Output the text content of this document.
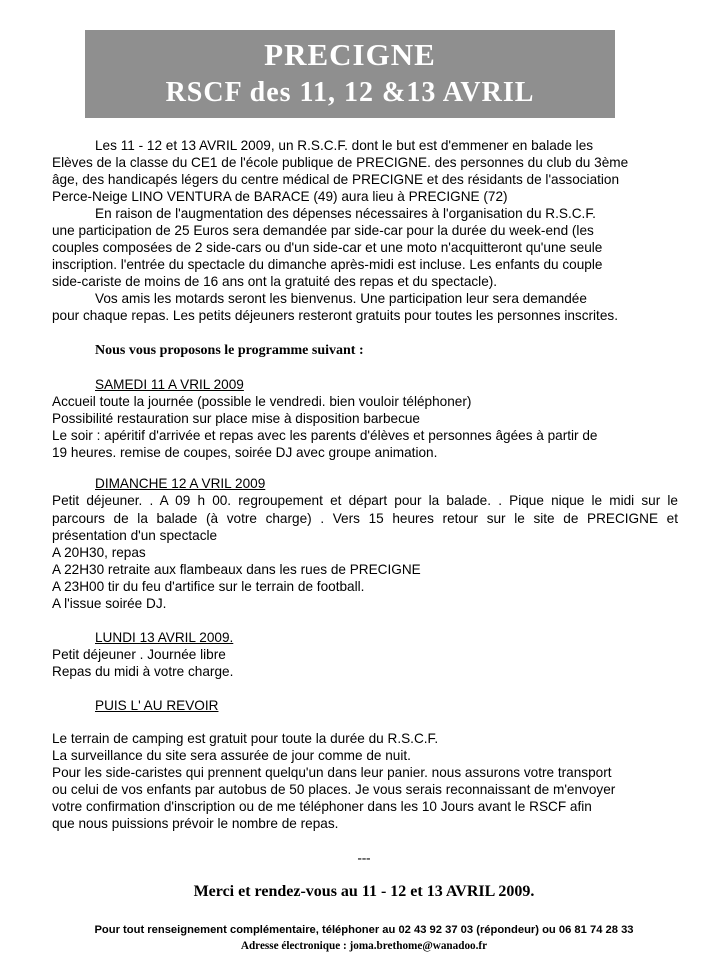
PRECIGNE
RSCF des 11, 12 &13 AVRIL
Les 11 - 12 et 13 AVRIL 2009, un R.S.C.F. dont le but est d'emmener en balade les
Elèves de la classe du CE1 de l'école publique de PRECIGNE. des personnes du club du 3ème
âge, des handicapés légers du centre médical de PRECIGNE et des résidants de l'association
Perce-Neige LINO VENTURA de BARACE (49) aura lieu à PRECIGNE (72)
En raison de l'augmentation des dépenses nécessaires à l'organisation du R.S.C.F.
une participation de 25 Euros sera demandée par side-car pour la durée du week-end (les
couples composées de 2 side-cars ou d'un side-car et une moto n'acquitteront qu'une seule
inscription. l'entrée du spectacle du dimanche après-midi est incluse. Les enfants du couple
side-cariste de moins de 16 ans ont la gratuité des repas et du spectacle).
Vos amis les motards seront les bienvenus. Une participation leur sera demandée
pour chaque repas. Les petits déjeuners resteront gratuits pour toutes les personnes inscrites.
Nous vous proposons le programme suivant :
SAMEDI 11 A VRIL 2009
Accueil toute la journée (possible le vendredi. bien vouloir téléphoner)
Possibilité restauration sur place mise à disposition barbecue
Le soir : apéritif d'arrivée et repas avec les parents d'élèves et personnes âgées à partir de
19 heures. remise de coupes, soirée DJ avec groupe animation.
DIMANCHE 12 A VRIL 2009
Petit déjeuner. . A 09 h 00. regroupement et départ pour la balade. . Pique nique le midi sur le
parcours de la balade (à votre charge) . Vers 15 heures retour sur le site de PRECIGNE et
présentation d'un spectacle
A 20H30, repas
A 22H30 retraite aux flambeaux dans les rues de PRECIGNE
A 23H00 tir du feu d'artifice sur le terrain de football.
A l'issue soirée DJ.
LUNDI 13 AVRIL 2009.
Petit déjeuner . Journée libre
Repas du midi à votre charge.
PUIS L' AU REVOIR
Le terrain de camping est gratuit pour toute la durée du R.S.C.F.
La surveillance du site sera assurée de jour comme de nuit.
Pour les side-caristes qui prennent quelqu'un dans leur panier. nous assurons votre transport
ou celui de vos enfants par autobus de 50 places. Je vous serais reconnaissant de m'envoyer
votre confirmation d'inscription ou de me téléphoner dans les 10 Jours avant le RSCF afin
que nous puissions prévoir le nombre de repas.
---
Merci et rendez-vous au 11 - 12 et 13 AVRIL 2009.
Pour tout renseignement complémentaire, téléphoner au 02 43 92 37 03 (répondeur) ou 06 81 74 28 33
Adresse électronique : joma.brethome@wanadoo.fr
